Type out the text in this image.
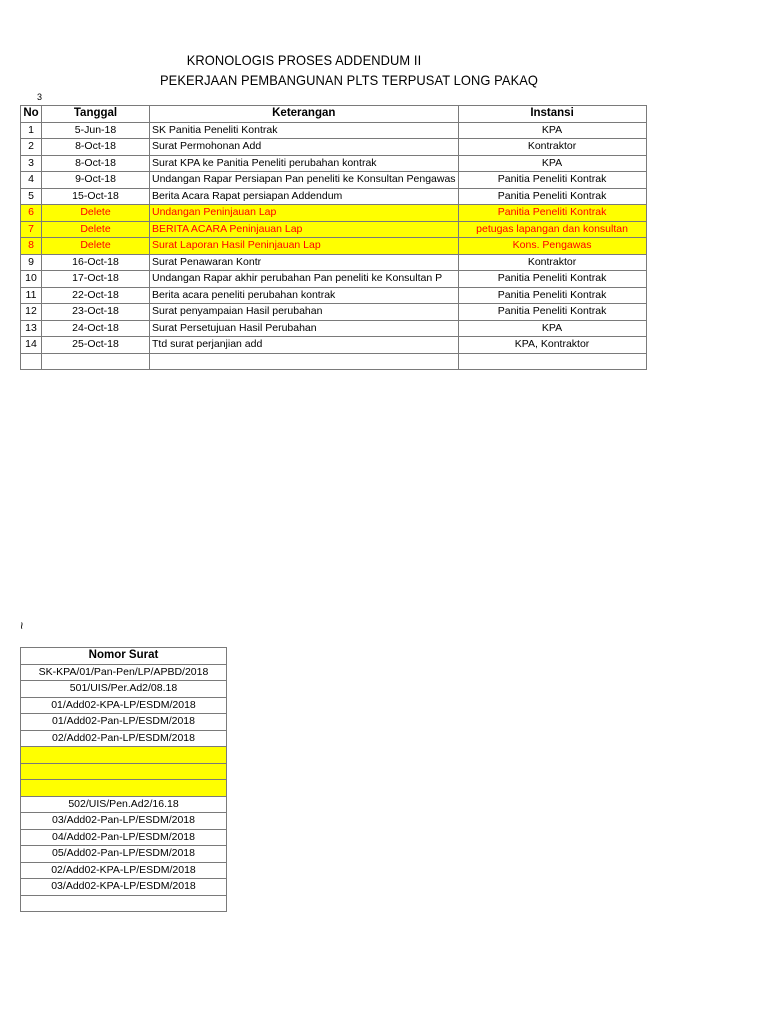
KRONOLOGIS PROSES ADDENDUM II
PEKERJAAN PEMBANGUNAN PLTS TERPUSAT LONG PAKAQ
3
No	Tanggal	Keterangan	Instansi
1	5-Jun-18	SK Panitia Peneliti Kontrak	KPA
2	8-Oct-18	Surat Permohonan Add	Kontraktor
3	8-Oct-18	Surat KPA ke Panitia Peneliti perubahan kontrak	KPA
4	9-Oct-18	Undangan Rapar Persiapan Pan peneliti ke Konsultan Pengawas	Panitia Peneliti Kontrak
5	15-Oct-18	Berita Acara Rapat persiapan Addendum	Panitia Peneliti Kontrak
6	Delete	Undangan Peninjauan Lap	Panitia Peneliti Kontrak
7	Delete	BERITA ACARA Peninjauan Lap	petugas lapangan dan konsultan
8	Delete	Surat Laporan Hasil Peninjauan Lap	Kons. Pengawas
9	16-Oct-18	Surat Penawaran Kontr	Kontraktor
10	17-Oct-18	Undangan Rapar akhir perubahan Pan peneliti ke Konsultan P	Panitia Peneliti Kontrak
11	22-Oct-18	Berita acara peneliti perubahan kontrak	Panitia Peneliti Kontrak
12	23-Oct-18	Surat penyampaian Hasil perubahan	Panitia Peneliti Kontrak
13	24-Oct-18	Surat Persetujuan Hasil Perubahan	KPA
14	25-Oct-18	Ttd surat perjanjian add	KPA, Kontraktor

~
Nomor Surat
SK-KPA/01/Pan-Pen/LP/APBD/2018
501/UIS/Per.Ad2/08.18
01/Add02-KPA-LP/ESDM/2018
01/Add02-Pan-LP/ESDM/2018
02/Add02-Pan-LP/ESDM/2018

502/UIS/Pen.Ad2/16.18
03/Add02-Pan-LP/ESDM/2018
04/Add02-Pan-LP/ESDM/2018
05/Add02-Pan-LP/ESDM/2018
02/Add02-KPA-LP/ESDM/2018
03/Add02-KPA-LP/ESDM/2018
